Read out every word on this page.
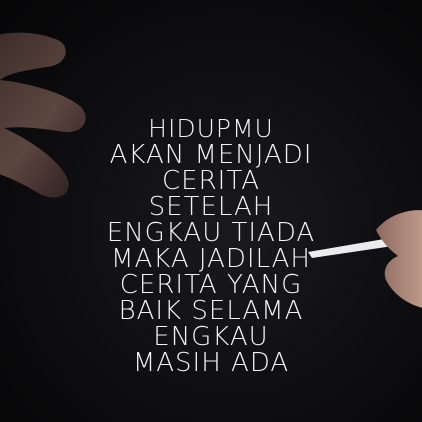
HIDUPMU
AKAN MENJADI
CERITA
SETELAH
ENGKAU TIADA
MAKA JADILAH
CERITA YANG
BAIK SELAMA
ENGKAU
MASIH ADA
